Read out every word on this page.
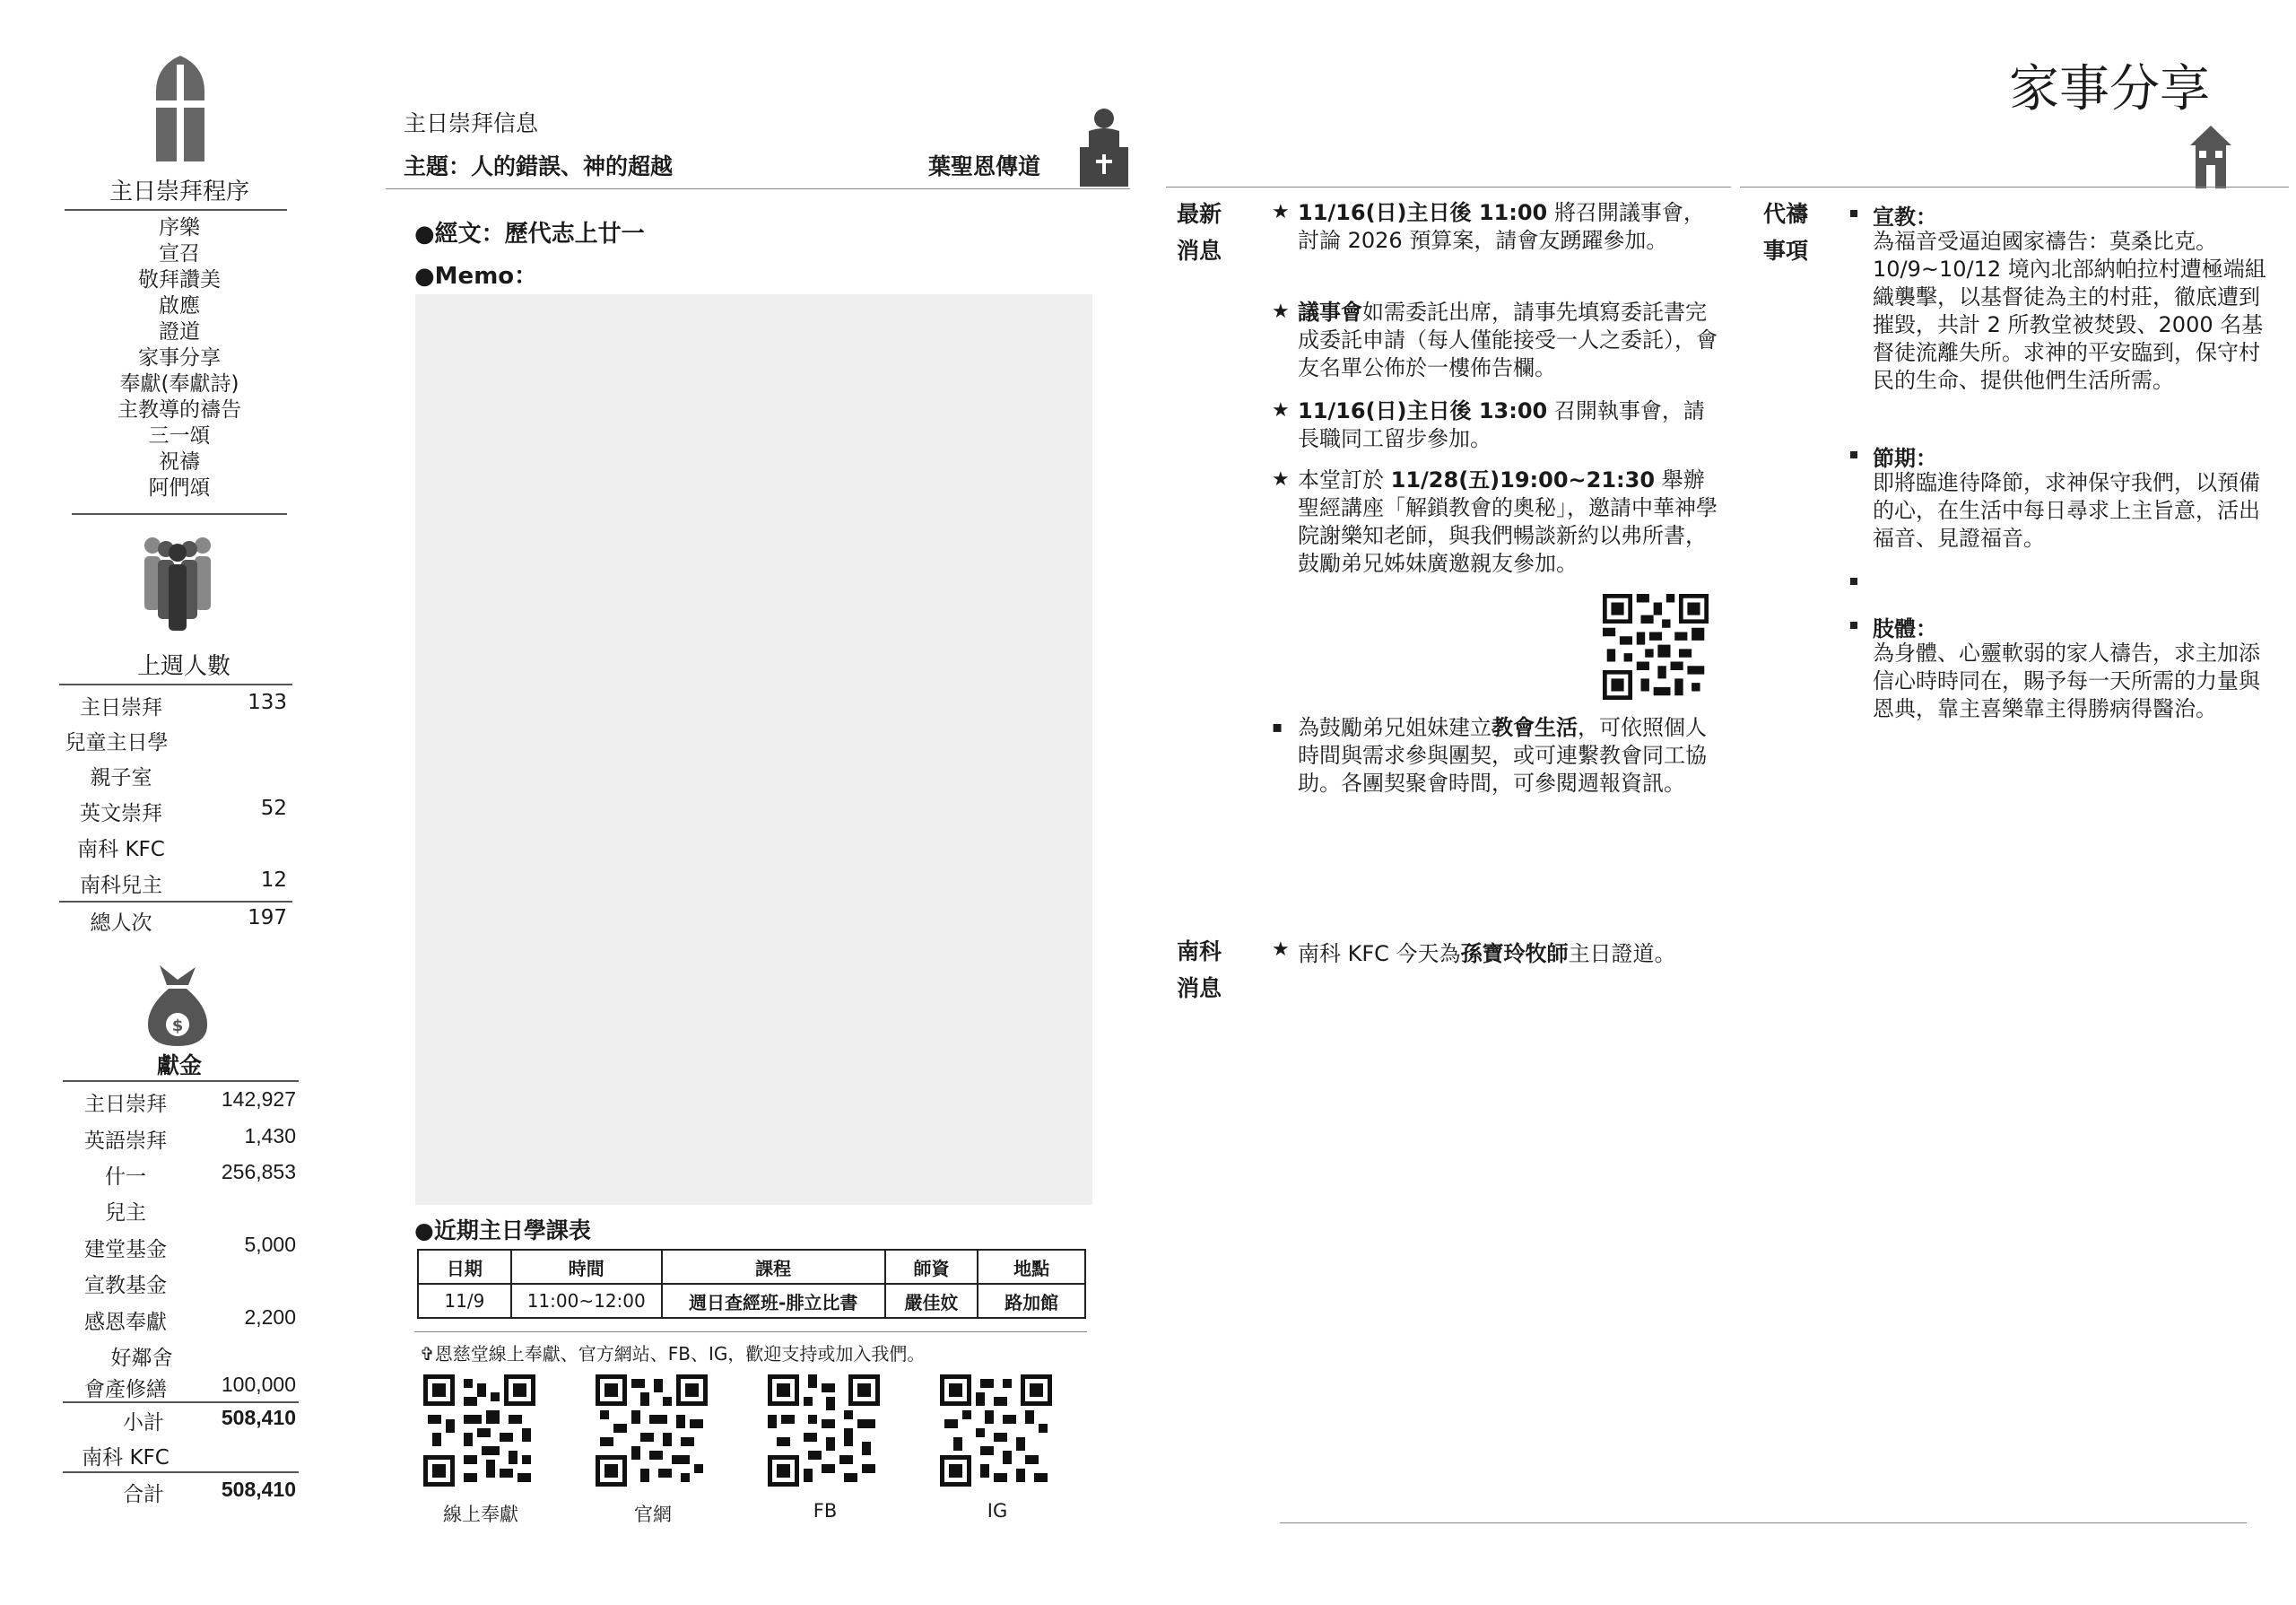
主日崇拜程序
序樂
宣召
敬拜讚美
啟應
證道
家事分享
奉獻(奉獻詩)
主教導的禱告
三一頌
祝禱
阿們頌
上週人數
主日崇拜	133
兒童主日學
親子室
英文崇拜	52
南科 KFC
南科兒主	12
總人次	197
$
獻金
主日崇拜	142,927
英語崇拜	1,430
什一	256,853
兒主
建堂基金	5,000
宣教基金
感恩奉獻	2,200
好鄰舍
會產修繕	100,000
小計	508,410
南科 KFC
合計	508,410
主日崇拜信息
主題：人的錯誤、神的超越	葉聖恩傳道
●經文：歷代志上廿一
●Memo：
●近期主日學課表
日期	時間	課程	師資	地點
11/9	11:00~12:00	週日查經班-腓立比書	嚴佳妏	路加館
✞恩慈堂線上奉獻、官方網站、FB、IG，歡迎支持或加入我們。
線上奉獻	官網	FB	IG
家事分享
最新
消息
★ 11/16(日)主日後 11:00 將召開議事會，討論 2026 預算案，請會友踴躍參加。
★ 議事會如需委託出席，請事先填寫委託書完成委託申請（每人僅能接受一人之委託），會友名單公佈於一樓佈告欄。
★ 11/16(日)主日後 13:00 召開執事會，請長職同工留步參加。
★ 本堂訂於 11/28(五)19:00~21:30 舉辦聖經講座「解鎖教會的奧秘」，邀請中華神學院謝樂知老師，與我們暢談新約以弗所書，鼓勵弟兄姊妹廣邀親友參加。
▪ 為鼓勵弟兄姐妹建立教會生活，可依照個人時間與需求參與團契，或可連繫教會同工協助。各團契聚會時間，可參閱週報資訊。
南科
消息
★ 南科 KFC 今天為孫寶玲牧師主日證道。
代禱
事項
宣教：
為福音受逼迫國家禱告：莫桑比克。10/9~10/12 境內北部納帕拉村遭極端組織襲擊，以基督徒為主的村莊，徹底遭到摧毀，共計 2 所教堂被焚毀、2000 名基督徒流離失所。求神的平安臨到，保守村民的生命、提供他們生活所需。
節期：
即將臨進待降節，求神保守我們，以預備的心，在生活中每日尋求上主旨意，活出福音、見證福音。
肢體：
為身體、心靈軟弱的家人禱告，求主加添信心時時同在，賜予每一天所需的力量與恩典，靠主喜樂靠主得勝病得醫治。
